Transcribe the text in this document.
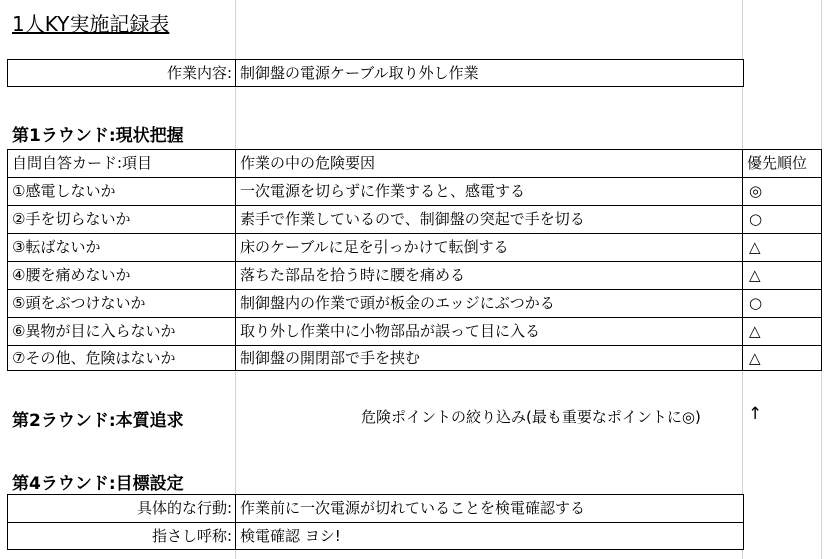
1人KY実施記録表
作業内容: 制御盤の電源ケーブル取り外し作業
第1ラウンド:現状把握
自問自答カード:項目	作業の中の危険要因	優先順位
①感電しないか	一次電源を切らずに作業すると、感電する	◎
②手を切らないか	素手で作業しているので、制御盤の突起で手を切る	○
③転ばないか	床のケーブルに足を引っかけて転倒する	△
④腰を痛めないか	落ちた部品を拾う時に腰を痛める	△
⑤頭をぶつけないか	制御盤内の作業で頭が板金のエッジにぶつかる	○
⑥異物が目に入らないか	取り外し作業中に小物部品が誤って目に入る	△
⑦その他、危険はないか	制御盤の開閉部で手を挟む	△
第2ラウンド:本質追求	危険ポイントの絞り込み(最も重要なポイントに◎)	↑
第4ラウンド:目標設定
具体的な行動: 作業前に一次電源が切れていることを検電確認する
指さし呼称: 検電確認 ヨシ!
